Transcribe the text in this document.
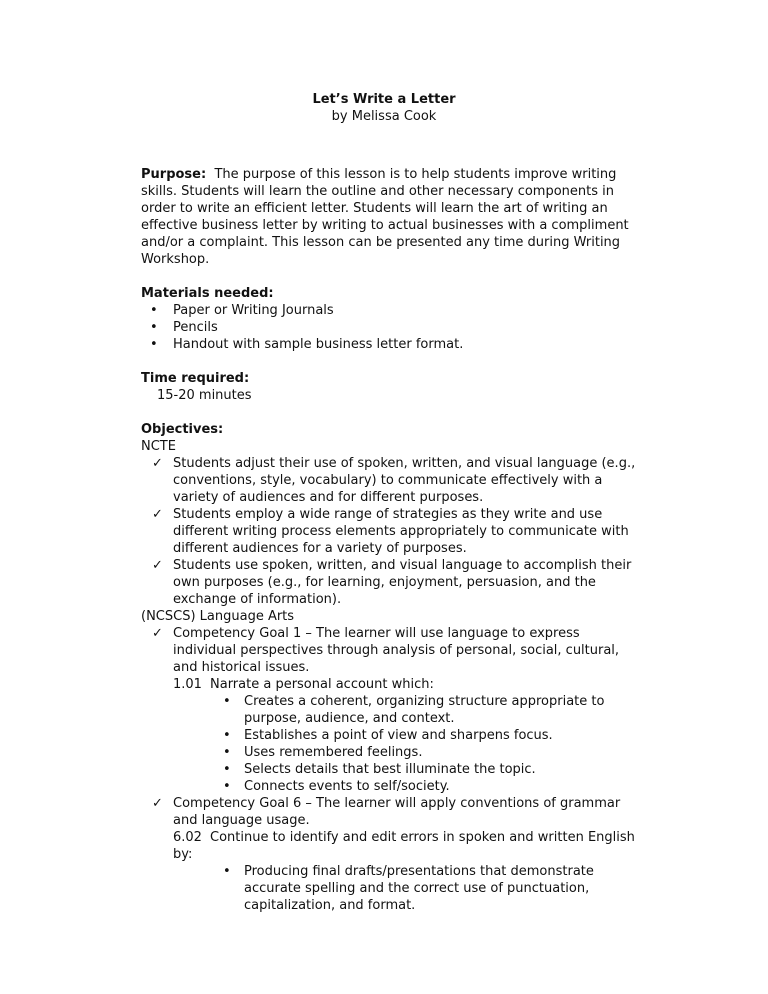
Let’s Write a Letter
by Melissa Cook

Purpose: The purpose of this lesson is to help students improve writing skills. Students will learn the outline and other necessary components in order to write an efficient letter. Students will learn the art of writing an effective business letter by writing to actual businesses with a compliment and/or a complaint. This lesson can be presented any time during Writing Workshop.

Materials needed:
• Paper or Writing Journals
• Pencils
• Handout with sample business letter format.
Time required:
15-20 minutes
Objectives:
NCTE
✓ Students adjust their use of spoken, written, and visual language (e.g., conventions, style, vocabulary) to communicate effectively with a variety of audiences and for different purposes.
✓ Students employ a wide range of strategies as they write and use different writing process elements appropriately to communicate with different audiences for a variety of purposes.
✓ Students use spoken, written, and visual language to accomplish their own purposes (e.g., for learning, enjoyment, persuasion, and the exchange of information).
(NCSCS) Language Arts
✓ Competency Goal 1 – The learner will use language to express individual perspectives through analysis of personal, social, cultural, and historical issues.
1.01 Narrate a personal account which:
• Creates a coherent, organizing structure appropriate to purpose, audience, and context.
• Establishes a point of view and sharpens focus.
• Uses remembered feelings.
• Selects details that best illuminate the topic.
• Connects events to self/society.
✓ Competency Goal 6 – The learner will apply conventions of grammar and language usage.
6.02 Continue to identify and edit errors in spoken and written English by:
• Producing final drafts/presentations that demonstrate accurate spelling and the correct use of punctuation, capitalization, and format.
